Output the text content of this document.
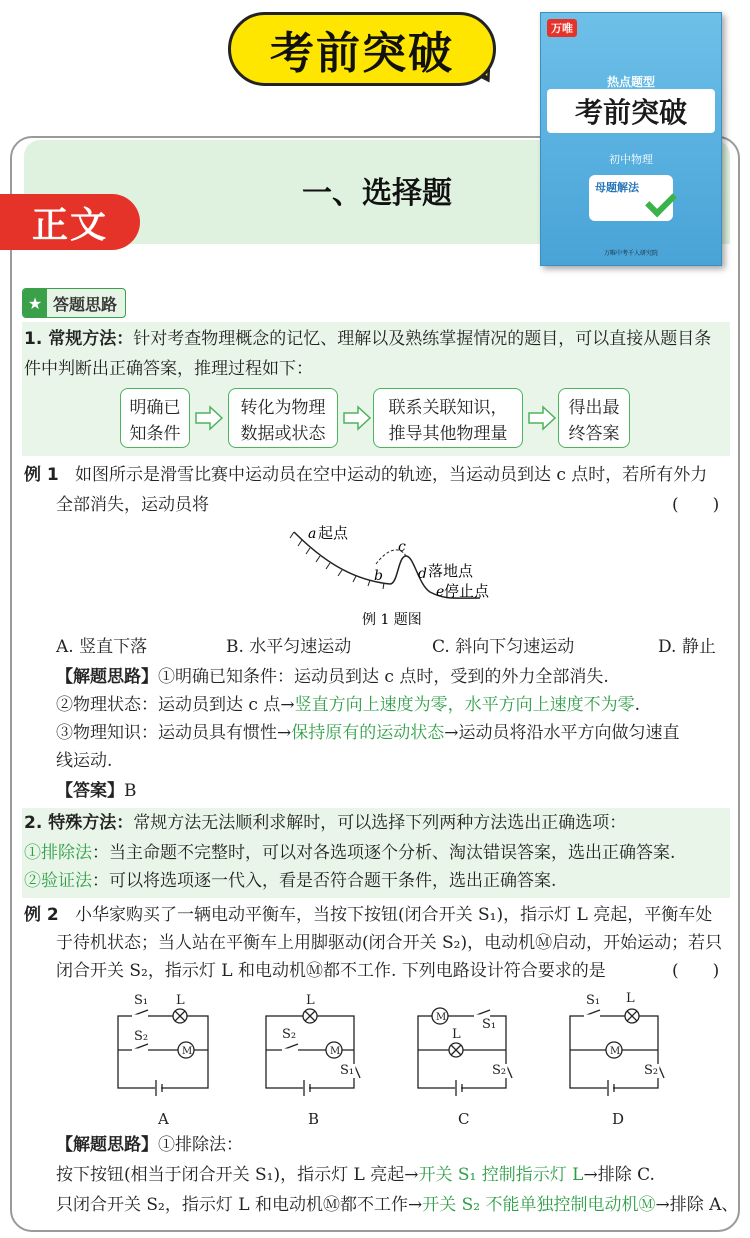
考前突破
一、选择题
正文
万唯
热点题型
考前突破
初中物理
母题解法
万唯中考千人研究院
★ 答题思路
1. 常规方法：针对考查物理概念的记忆、理解以及熟练掌握情况的题目，可以直接从题目条
件中判断出正确答案，推理过程如下：
明确已
知条件
转化为物理
数据或状态
联系关联知识，
推导其他物理量
得出最
终答案
例 1 如图所示是滑雪比赛中运动员在空中运动的轨迹，当运动员到达 c 点时，若所有外力
全部消失，运动员将	(　　)
a 起点
b
c
d 落地点
e 停止点
例 1 题图
A. 竖直下落	B. 水平匀速运动	C. 斜向下匀速运动	D. 静止
【解题思路】①明确已知条件：运动员到达 c 点时，受到的外力全部消失.
②物理状态：运动员到达 c 点→竖直方向上速度为零，水平方向上速度不为零.
③物理知识：运动员具有惯性→保持原有的运动状态→运动员将沿水平方向做匀速直
线运动.
【答案】B
2. 特殊方法：常规方法无法顺利求解时，可以选择下列两种方法选出正确选项：
①排除法：当主命题不完整时，可以对各选项逐个分析、淘汰错误答案，选出正确答案.
②验证法：可以将选项逐一代入，看是否符合题干条件，选出正确答案.
例 2 小华家购买了一辆电动平衡车，当按下按钮(闭合开关 S₁)，指示灯 L 亮起，平衡车处
于待机状态；当人站在平衡车上用脚驱动(闭合开关 S₂)，电动机Ⓜ启动，开始运动；若只
闭合开关 S₂，指示灯 L 和电动机Ⓜ都不工作. 下列电路设计符合要求的是	(　　)
S₁ L
S₂
M
A
L
S₂
M
S₁
B
M	S₁
L
S₂
C
S₁ L
M
S₂
D
【解题思路】①排除法：
按下按钮(相当于闭合开关 S₁)，指示灯 L 亮起→开关 S₁ 控制指示灯 L→排除 C.
只闭合开关 S₂，指示灯 L 和电动机Ⓜ都不工作→开关 S₂ 不能单独控制电动机Ⓜ→排除 A、
